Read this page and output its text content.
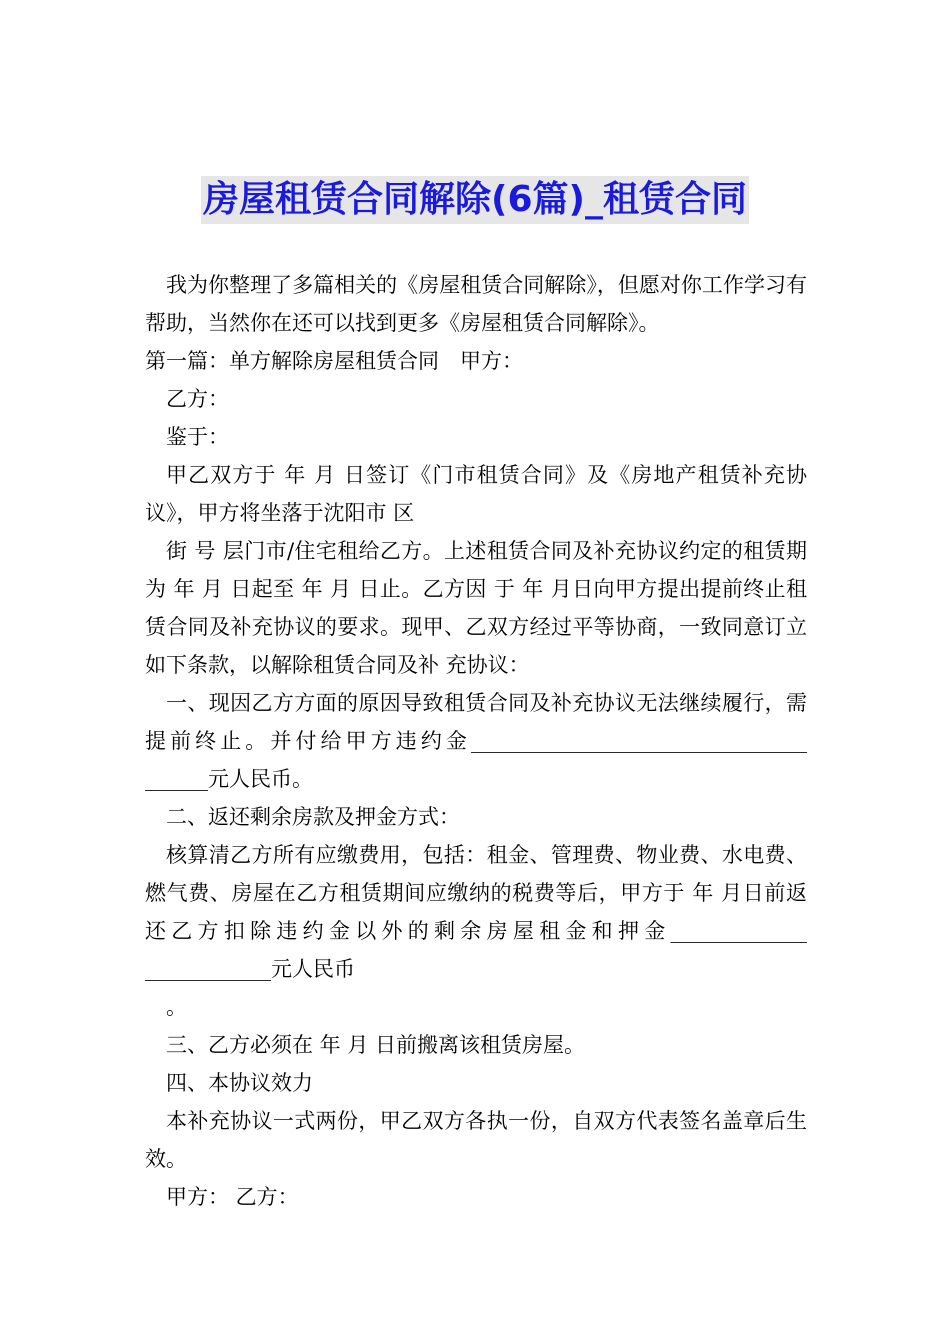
房屋租赁合同解除(6篇)_租赁合同

我为你整理了多篇相关的《房屋租赁合同解除》，但愿对你工作学习有帮助，当然你在还可以找到更多《房屋租赁合同解除》。

第一篇：单方解除房屋租赁合同　甲方：

乙方：

鉴于：

甲乙双方于 年 月 日签订《门市租赁合同》及《房地产租赁补充协议》，甲方将坐落于沈阳市 区

街 号 层门市/住宅租给乙方。上述租赁合同及补充协议约定的租赁期为 年 月 日起至 年 月 日止。乙方因 于 年 月日向甲方提出提前终止租赁合同及补充协议的要求。现甲、乙双方经过平等协商，一致同意订立如下条款，以解除租赁合同及补 充协议：

一、现因乙方方面的原因导致租赁合同及补充协议无法继续履行，需提前终止。并付给甲方违约金________________________________ ______元人民币。

二、返还剩余房款及押金方式：

核算清乙方所有应缴费用，包括：租金、管理费、物业费、水电费、燃气费、房屋在乙方租赁期间应缴纳的税费等后，甲方于 年 月日前返还乙方扣除违约金以外的剩余房屋租金和押金_____________ ____________元人民币

。

三、乙方必须在 年 月 日前搬离该租赁房屋。

四、本协议效力

本补充协议一式两份，甲乙双方各执一份，自双方代表签名盖章后生效。

甲方： 乙方：
